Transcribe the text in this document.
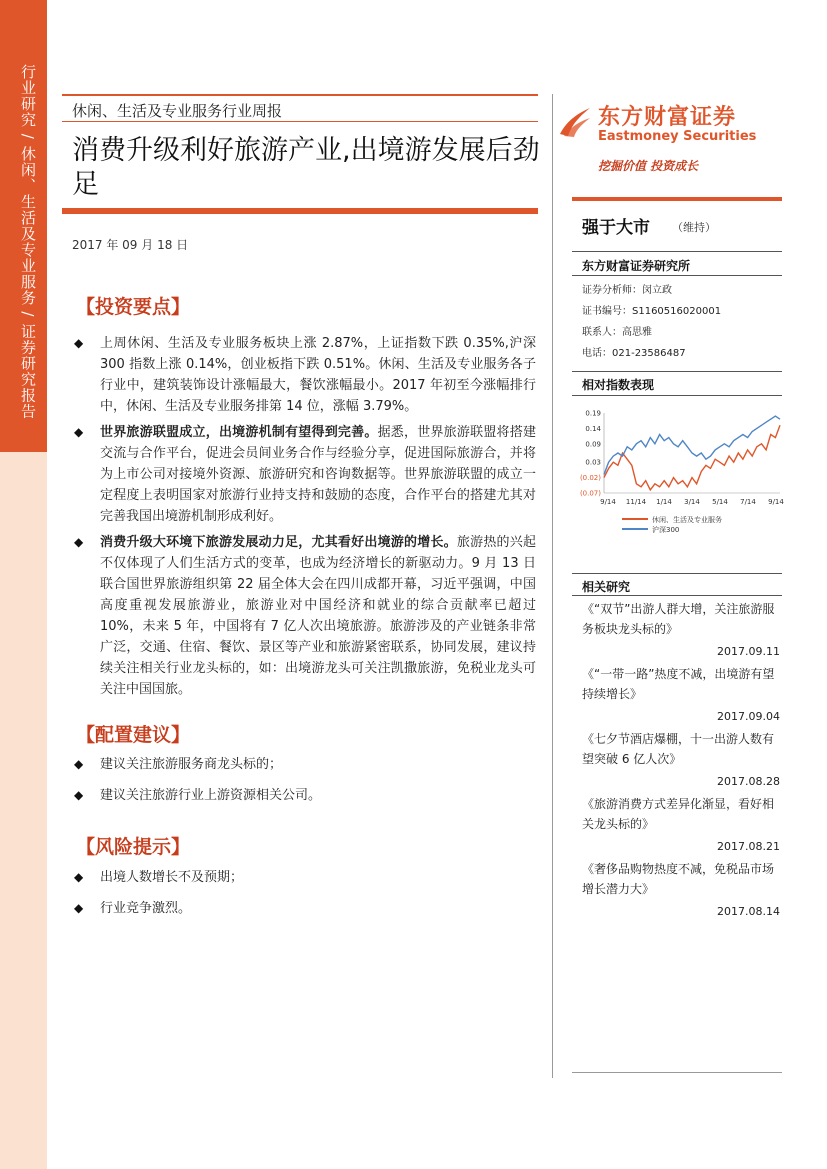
行业研究 / 休闲、生活及专业服务 / 证券研究报告 休闲、生活及专业服务行业周报
消费升级利好旅游产业,出境游发展后劲足
2017 年 09 月 18 日
【投资要点】
◆ 上周休闲、生活及专业服务板块上涨 2.87%，上证指数下跌 0.35%,沪深 300 指数上涨 0.14%，创业板指下跌 0.51%。休闲、生活及专业服务各子行业中，建筑装饰设计涨幅最大，餐饮涨幅最小。2017 年初至今涨幅排行中，休闲、生活及专业服务排第 14 位，涨幅 3.79%。
◆ 世界旅游联盟成立，出境游机制有望得到完善。据悉，世界旅游联盟将搭建交流与合作平台，促进会员间业务合作与经验分享，促进国际旅游合，并将为上市公司对接境外资源、旅游研究和咨询数据等。世界旅游联盟的成立一定程度上表明国家对旅游行业持支持和鼓励的态度，合作平台的搭建尤其对完善我国出境游机制形成利好。
◆ 消费升级大环境下旅游发展动力足，尤其看好出境游的增长。旅游热的兴起不仅体现了人们生活方式的变革，也成为经济增长的新驱动力。9 月 13 日联合国世界旅游组织第 22 届全体大会在四川成都开幕，习近平强调，中国高度重视发展旅游业，旅游业对中国经济和就业的综合贡献率已超过 10%，未来 5 年，中国将有 7 亿人次出境旅游。旅游涉及的产业链条非常广泛，交通、住宿、餐饮、景区等产业和旅游紧密联系，协同发展，建议持续关注相关行业龙头标的，如：出境游龙头可关注凯撒旅游，免税业龙头可关注中国国旅。
【配置建议】
◆ 建议关注旅游服务商龙头标的；
◆ 建议关注旅游行业上游资源相关公司。
【风险提示】
◆ 出境人数增长不及预期；
◆ 行业竞争激烈。
东方财富证券
Eastmoney Securities
挖掘价值 投资成长
强于大市 （维持）
东方财富证券研究所
证券分析师：闵立政
证书编号：S1160516020001
联系人：高思雅
电话：021-23586487
相对指数表现
0.19
0.14
0.09
0.03
(0.02)
(0.07)
9/14 11/14 1/14 3/14 5/14 7/14 9/14
休闲、生活及专业服务
沪深300
相关研究
《“双节”出游人群大增，关注旅游服务板块龙头标的》
2017.09.11
《“一带一路”热度不减，出境游有望持续增长》
2017.09.04
《七夕节酒店爆棚，十一出游人数有望突破 6 亿人次》
2017.08.28
《旅游消费方式差异化渐显，看好相关龙头标的》
2017.08.21
《奢侈品购物热度不减，免税品市场增长潜力大》
2017.08.14
